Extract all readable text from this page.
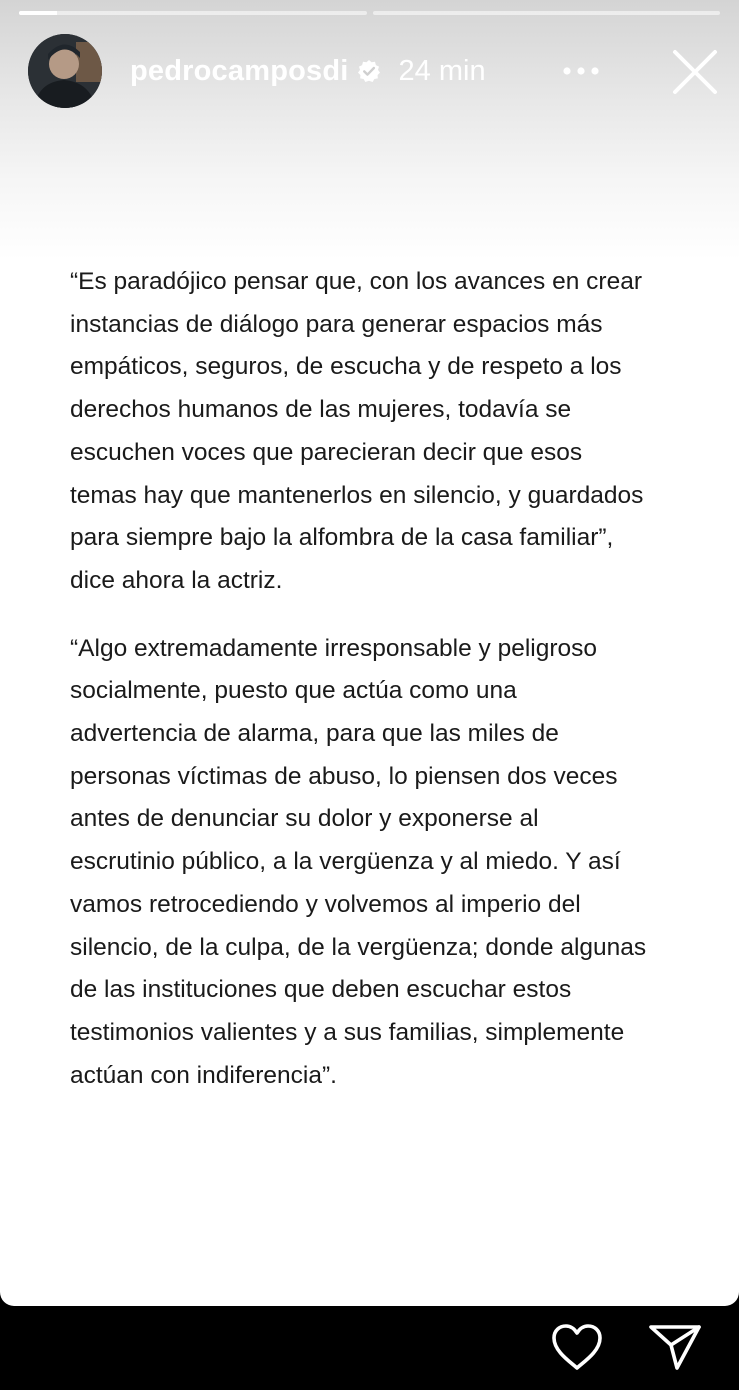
pedrocamposdi 24 min

“Es paradójico pensar que, con los avances en crear
instancias de diálogo para generar espacios más
empáticos, seguros, de escucha y de respeto a los
derechos humanos de las mujeres, todavía se
escuchen voces que parecieran decir que esos
temas hay que mantenerlos en silencio, y guardados
para siempre bajo la alfombra de la casa familiar”,
dice ahora la actriz.

“Algo extremadamente irresponsable y peligroso
socialmente, puesto que actúa como una
advertencia de alarma, para que las miles de
personas víctimas de abuso, lo piensen dos veces
antes de denunciar su dolor y exponerse al
escrutinio público, a la vergüenza y al miedo. Y así
vamos retrocediendo y volvemos al imperio del
silencio, de la culpa, de la vergüenza; donde algunas
de las instituciones que deben escuchar estos
testimonios valientes y a sus familias, simplemente
actúan con indiferencia”.
